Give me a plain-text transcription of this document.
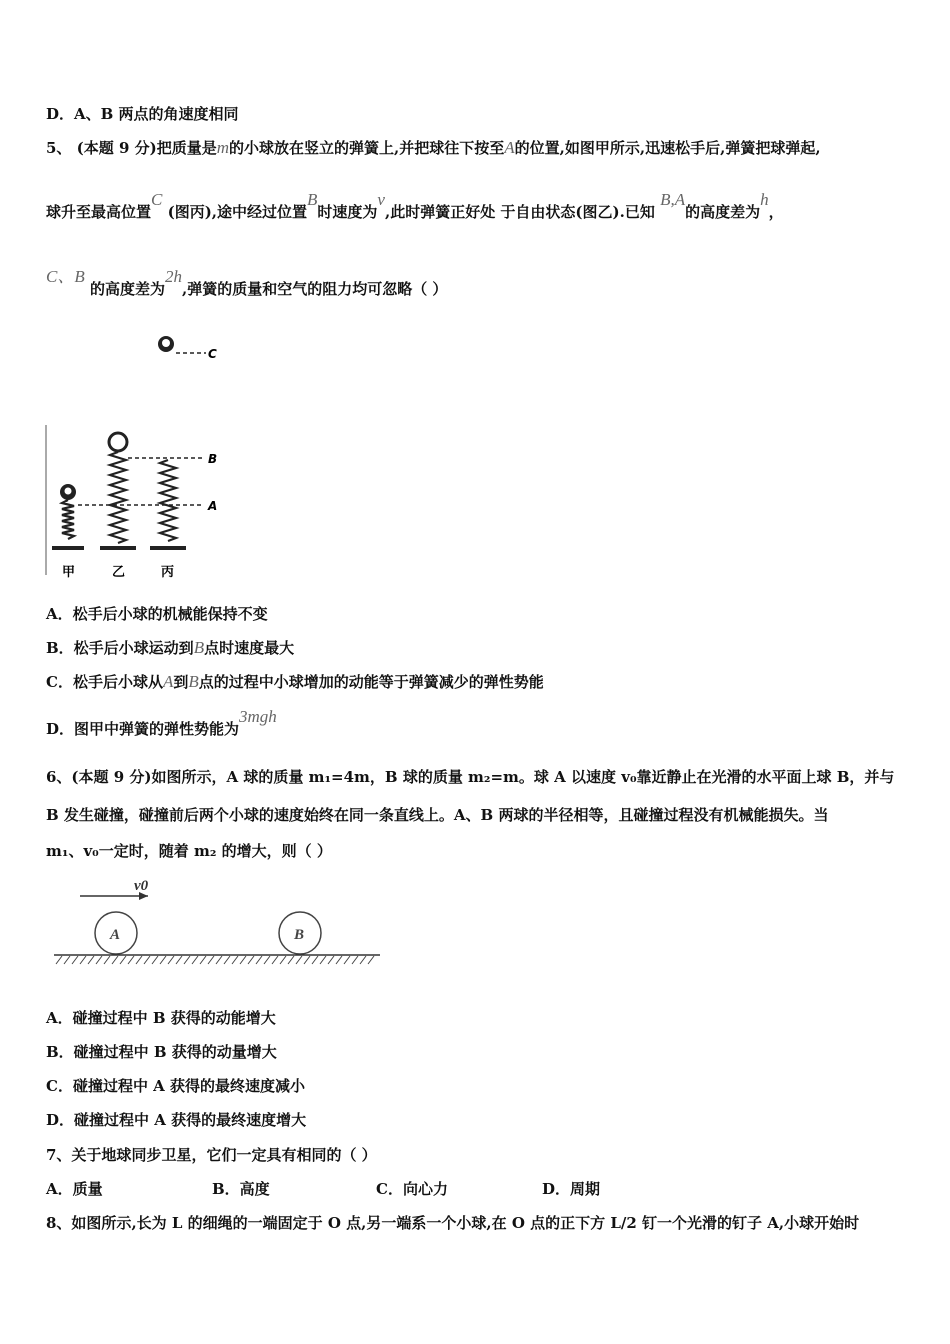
D．A、B 两点的角速度相同
5、 (本题 9 分)把质量是m的小球放在竖立的弹簧上,并把球往下按至A的位置,如图甲所示,迅速松手后,弹簧把球弹起,
球升至最高位置C (图丙),途中经过位置B时速度为v,此时弹簧正好处 于自由状态(图乙).已知 B,A的高度差为h，
C、B 的高度差为2h,弹簧的质量和空气的阻力均可忽略（ ）
C
B
A
甲	乙	丙
A．松手后小球的机械能保持不变
B．松手后小球运动到B点时速度最大
C．松手后小球从A到B点的过程中小球增加的动能等于弹簧减少的弹性势能
D．图甲中弹簧的弹性势能为3mgh
6、(本题 9 分)如图所示，A 球的质量 m₁=4m，B 球的质量 m₂=m。球 A 以速度 v₀靠近静止在光滑的水平面上球 B，并与
B 发生碰撞，碰撞前后两个小球的速度始终在同一条直线上。A、B 两球的半径相等，且碰撞过程没有机械能损失。当
m₁、v₀一定时，随着 m₂ 的增大，则（ ）
v0
A	B
A．碰撞过程中 B 获得的动能增大
B．碰撞过程中 B 获得的动量增大
C．碰撞过程中 A 获得的最终速度减小
D．碰撞过程中 A 获得的最终速度增大
7、关于地球同步卫星，它们一定具有相同的（ ）
A．质量	B．高度	C．向心力	D．周期
8、如图所示,长为 L 的细绳的一端固定于 O 点,另一端系一个小球,在 O 点的正下方 L/2 钉一个光滑的钉子 A,小球开始时
